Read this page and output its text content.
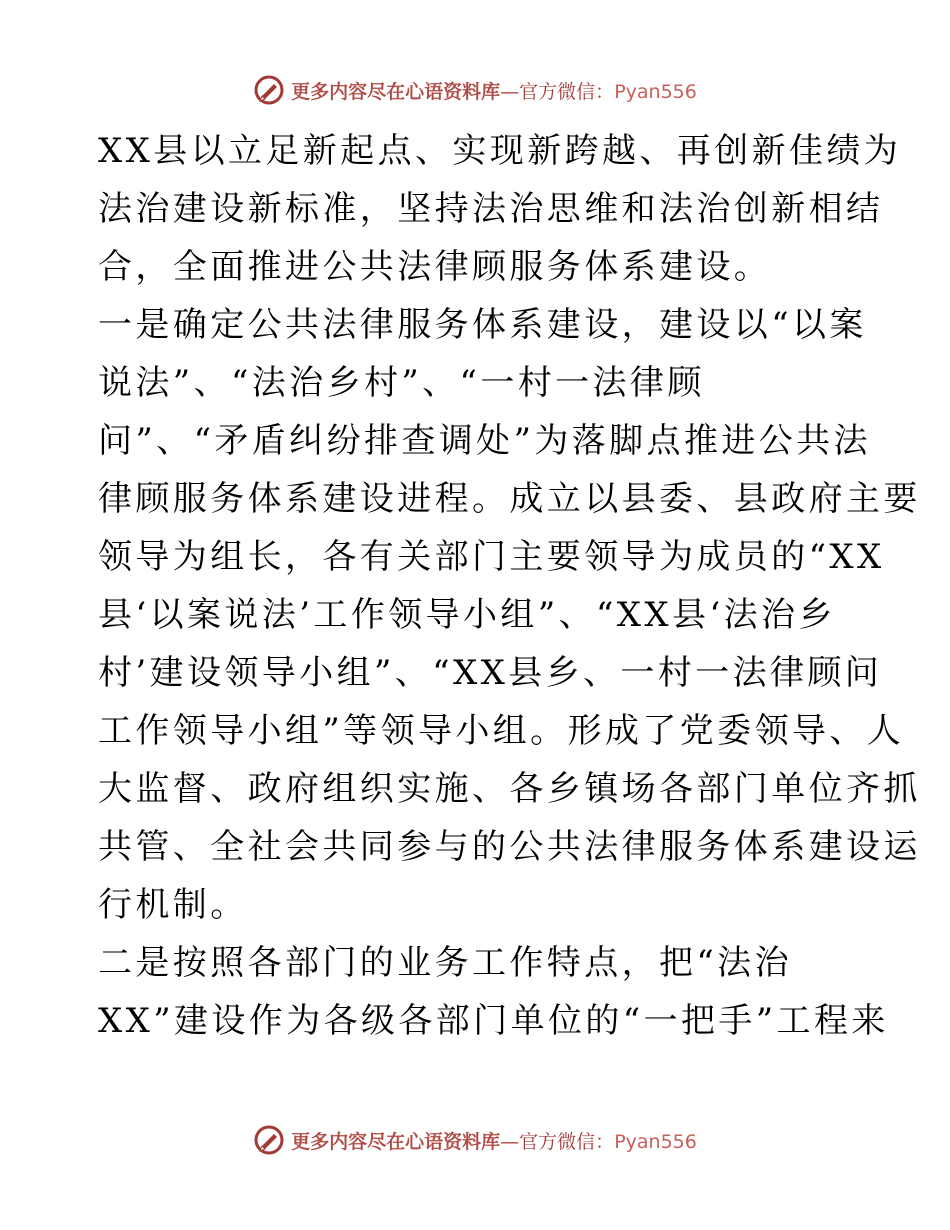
更多内容尽在心语资料库—官方微信：Pyan556
XX县以立足新起点、实现新跨越、再创新佳绩为
法治建设新标准，坚持法治思维和法治创新相结
合，全面推进公共法律顾服务体系建设。
一是确定公共法律服务体系建设，建设以“以案
说法”、“法治乡村”、“一村一法律顾
问”、“矛盾纠纷排查调处”为落脚点推进公共法
律顾服务体系建设进程。成立以县委、县政府主要
领导为组长，各有关部门主要领导为成员的“XX
县‘以案说法’工作领导小组”、“XX县‘法治乡
村’建设领导小组”、“XX县乡、一村一法律顾问
工作领导小组”等领导小组。形成了党委领导、人
大监督、政府组织实施、各乡镇场各部门单位齐抓
共管、全社会共同参与的公共法律服务体系建设运
行机制。
二是按照各部门的业务工作特点，把“法治
XX”建设作为各级各部门单位的“一把手”工程来
更多内容尽在心语资料库—官方微信：Pyan556
